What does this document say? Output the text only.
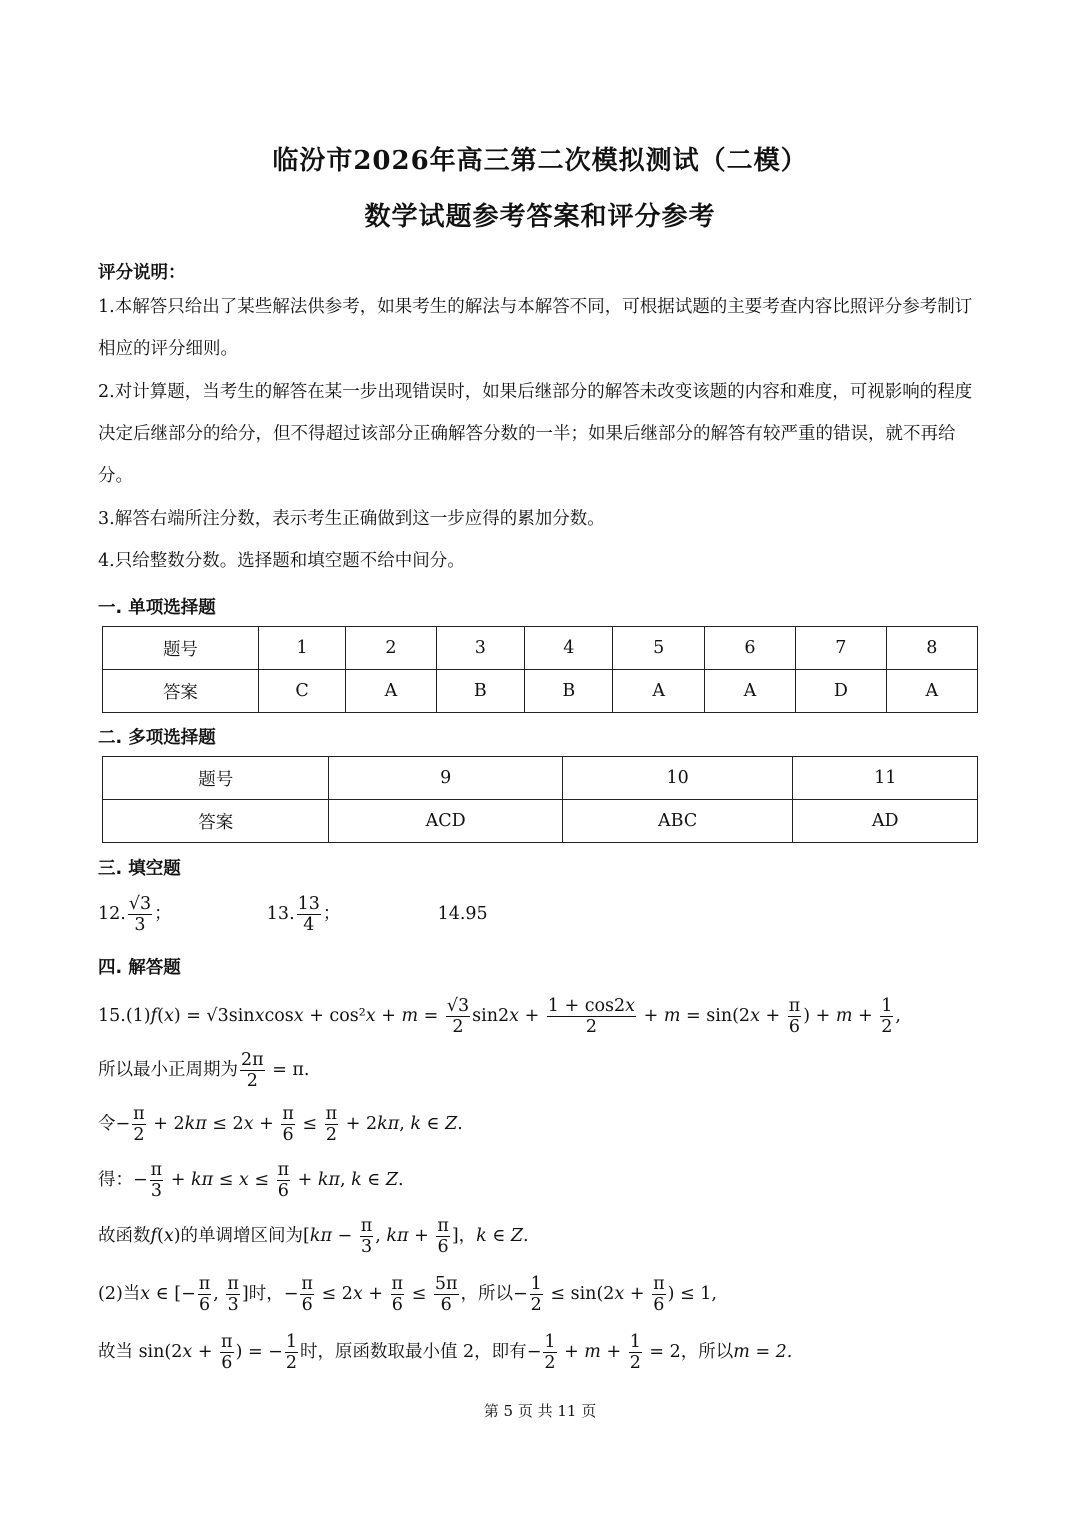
临汾市2026年高三第二次模拟测试（二模）
数学试题参考答案和评分参考
评分说明：
1.本解答只给出了某些解法供参考，如果考生的解法与本解答不同，可根据试题的主要考查内容比照评分参考制订相应的评分细则。
2.对计算题，当考生的解答在某一步出现错误时，如果后继部分的解答未改变该题的内容和难度，可视影响的程度决定后继部分的给分，但不得超过该部分正确解答分数的一半；如果后继部分的解答有较严重的错误，就不再给分。
3.解答右端所注分数，表示考生正确做到这一步应得的累加分数。
4.只给整数分数。选择题和填空题不给中间分。
一. 单项选择题
题号	1	2	3	4	5	6	7	8
答案	C	A	B	B	A	A	D	A
二. 多项选择题
题号	9	10	11
答案	ACD	ABC	AD
三. 填空题
12. $\frac{√3}{3}$ ；	13. $\frac{13}{4}$ ；	14.95
四. 解答题
15.(1)f(x) = √3sinxcosx + $\cos^2x + m = \frac{√3}{2} \sin 2x + \frac{1 + \cos 2x}{2} + m = \sin(2x + \frac{\pi}{6}$ ) + $m + \frac{1}{2}$ ,
所以最小正周期为 $\frac{2\pi}{2} = \pi$.
令− $\frac{\pi}{2} + 2k\pi \le 2x + \frac{\pi}{6} \le \frac{\pi}{2} + 2k\pi$, k ∈ Z.
得：− $\frac{\pi}{3} + k\pi \le x \le \frac{\pi}{6} + k\pi$, k ∈ Z.
故函数f(x)的单调增区间为[$k\pi - \frac{\pi}{3}$ , $k\pi + \frac{\pi}{6}$ ]，k ∈ Z.
(2)当x ∈ [− $\frac{\pi}{6}$ , $\frac{\pi}{3}$ ]时，− $\frac{\pi}{6} \le 2x + \frac{\pi}{6} \le \frac{5\pi}{6}$ ，所以− $\frac{1}{2} \le \sin(2x + \frac{\pi}{6}$ ) ≤ 1,
故当 $\sin(2x + \frac{\pi}{6}$ ) = − $\frac{1}{2}$ 时，原函数取最小值 2，即有− $\frac{1}{2} + m + \frac{1}{2} = 2$，所以m = 2.
第 5 页 共 11 页
